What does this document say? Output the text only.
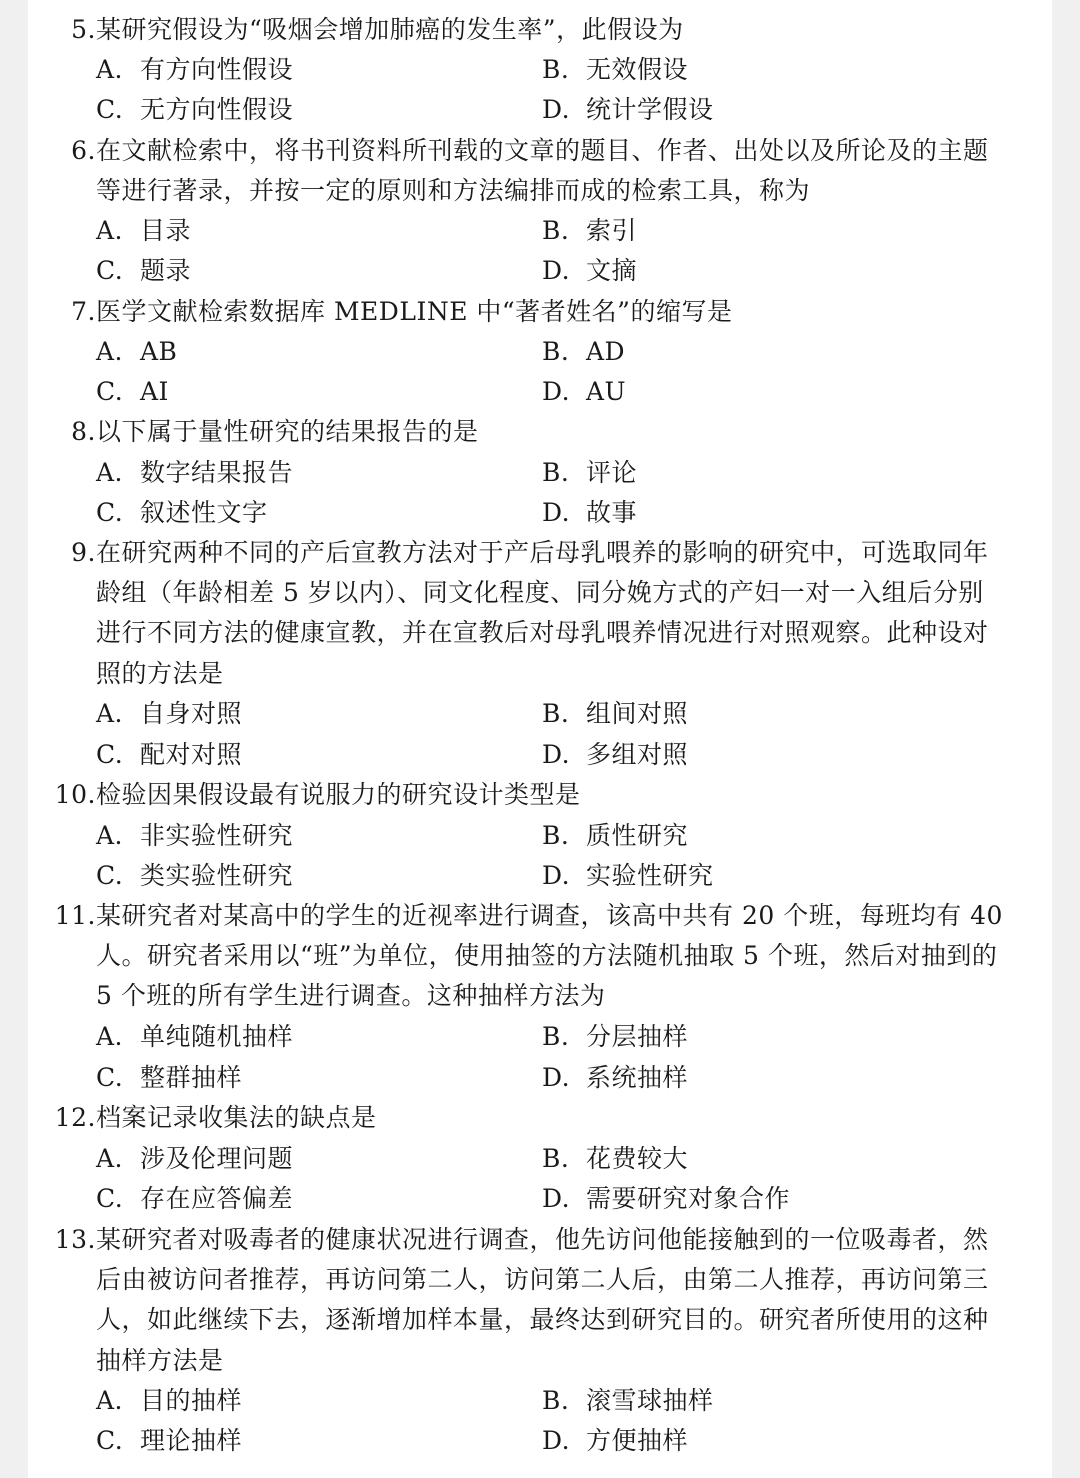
5. 某研究假设为“吸烟会增加肺癌的发生率”，此假设为
A. 有方向性假设	B. 无效假设
C. 无方向性假设	D. 统计学假设
6. 在文献检索中，将书刊资料所刊载的文章的题目、作者、出处以及所论及的主题等进行著录，并按一定的原则和方法编排而成的检索工具，称为
A. 目录	B. 索引
C. 题录	D. 文摘
7. 医学文献检索数据库 MEDLINE 中“著者姓名”的缩写是
A. AB	B. AD
C. AI	D. AU
8. 以下属于量性研究的结果报告的是
A. 数字结果报告	B. 评论
C. 叙述性文字	D. 故事
9. 在研究两种不同的产后宣教方法对于产后母乳喂养的影响的研究中，可选取同年龄组（年龄相差 5 岁以内）、同文化程度、同分娩方式的产妇一对一入组后分别进行不同方法的健康宣教，并在宣教后对母乳喂养情况进行对照观察。此种设对照的方法是
A. 自身对照	B. 组间对照
C. 配对对照	D. 多组对照
10. 检验因果假设最有说服力的研究设计类型是
A. 非实验性研究	B. 质性研究
C. 类实验性研究	D. 实验性研究
11. 某研究者对某高中的学生的近视率进行调查，该高中共有 20 个班，每班均有 40 人。研究者采用以“班”为单位，使用抽签的方法随机抽取 5 个班，然后对抽到的 5 个班的所有学生进行调查。这种抽样方法为
A. 单纯随机抽样	B. 分层抽样
C. 整群抽样	D. 系统抽样
12. 档案记录收集法的缺点是
A. 涉及伦理问题	B. 花费较大
C. 存在应答偏差	D. 需要研究对象合作
13. 某研究者对吸毒者的健康状况进行调查，他先访问他能接触到的一位吸毒者，然后由被访问者推荐，再访问第二人，访问第二人后，由第二人推荐，再访问第三人，如此继续下去，逐渐增加样本量，最终达到研究目的。研究者所使用的这种抽样方法是
A. 目的抽样	B. 滚雪球抽样
C. 理论抽样	D. 方便抽样
